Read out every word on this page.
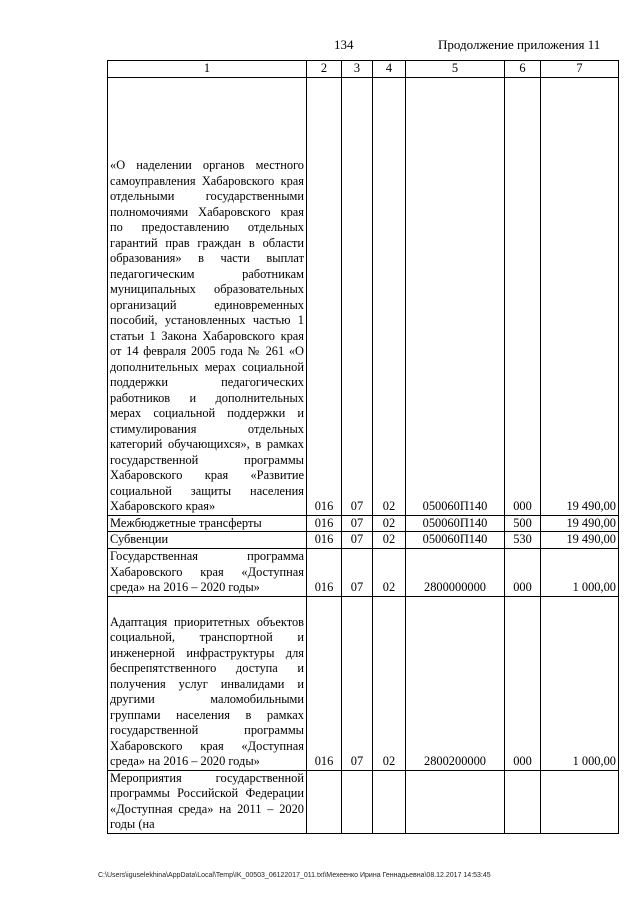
134	Продолжение приложения 11
1	2	3	4	5	6	7
«О наделении органов местного самоуправления Хабаровского края отдельными государственными полномочиями Хабаровского края по предоставлению отдельных гарантий прав граждан в области образования» в части выплат педагогическим работникам муниципальных образовательных организаций единовременных пособий, установленных частью 1 статьи 1 Закона Хабаровского края от 14 февраля 2005 года № 261 «О дополнительных мерах социальной поддержки педагогических работников и дополнительных мерах социальной поддержки и стимулирования отдельных категорий обучающихся», в рамках государственной программы Хабаровского края «Развитие социальной защиты населения Хабаровского края»	016	07	02	050060П140	000	19 490,00
Межбюджетные трансферты	016	07	02	050060П140	500	19 490,00
Субвенции	016	07	02	050060П140	530	19 490,00
Государственная программа Хабаровского края «Доступная среда» на 2016 – 2020 годы»	016	07	02	2800000000	000	1 000,00
Адаптация приоритетных объектов социальной, транспортной и инженерной инфраструктуры для беспрепятственного доступа и получения услуг инвалидами и другими маломобильными группами населения в рамках государственной программы Хабаровского края «Доступная среда» на 2016 – 2020 годы»	016	07	02	2800200000	000	1 000,00
Мероприятия государственной программы Российской Федерации «Доступная среда» на 2011 – 2020 годы (на						
C:\Users\iguselekhina\AppData\Local\Temp\IK_00503_06122017_011.txt\Мехеенко Ирина Геннадьевна\08.12.2017 14:53:45
